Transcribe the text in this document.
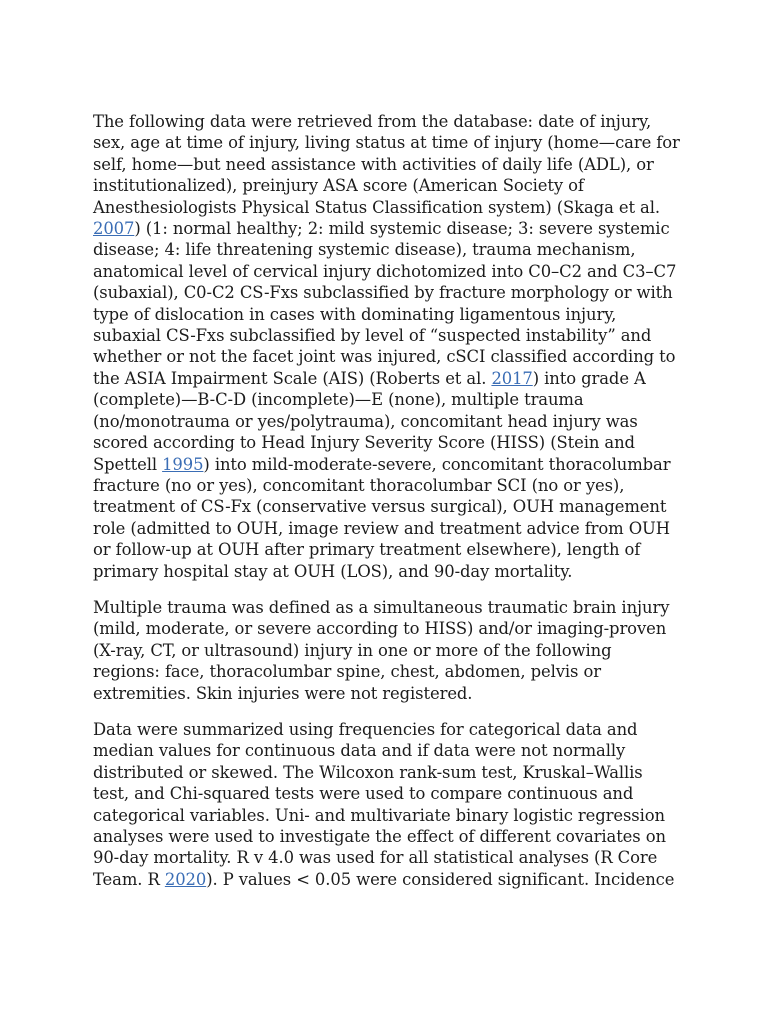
The following data were retrieved from the database: date of injury, sex, age at time of injury, living status at time of injury (home—care for self, home—but need assistance with activities of daily life (ADL), or institutionalized), preinjury ASA score (American Society of Anesthesiologists Physical Status Classification system) (Skaga et al. 2007) (1: normal healthy; 2: mild systemic disease; 3: severe systemic disease; 4: life threatening systemic disease), trauma mechanism, anatomical level of cervical injury dichotomized into C0–C2 and C3–C7 (subaxial), C0-C2 CS-Fxs subclassified by fracture morphology or with type of dislocation in cases with dominating ligamentous injury, subaxial CS-Fxs subclassified by level of “suspected instability” and whether or not the facet joint was injured, cSCI classified according to the ASIA Impairment Scale (AIS) (Roberts et al. 2017) into grade A (complete)—B-C-D (incomplete)—E (none), multiple trauma (no/monotrauma or yes/polytrauma), concomitant head injury was scored according to Head Injury Severity Score (HISS) (Stein and Spettell 1995) into mild-moderate-severe, concomitant thoracolumbar fracture (no or yes), concomitant thoracolumbar SCI (no or yes), treatment of CS-Fx (conservative versus surgical), OUH management role (admitted to OUH, image review and treatment advice from OUH or follow-up at OUH after primary treatment elsewhere), length of primary hospital stay at OUH (LOS), and 90-day mortality.

Multiple trauma was defined as a simultaneous traumatic brain injury (mild, moderate, or severe according to HISS) and/or imaging-proven (X-ray, CT, or ultrasound) injury in one or more of the following regions: face, thoracolumbar spine, chest, abdomen, pelvis or extremities. Skin injuries were not registered.

Data were summarized using frequencies for categorical data and median values for continuous data and if data were not normally distributed or skewed. The Wilcoxon rank-sum test, Kruskal–Wallis test, and Chi-squared tests were used to compare continuous and categorical variables. Uni- and multivariate binary logistic regression analyses were used to investigate the effect of different covariates on 90-day mortality. R v 4.0 was used for all statistical analyses (R Core Team. R 2020). P values < 0.05 were considered significant. Incidence
